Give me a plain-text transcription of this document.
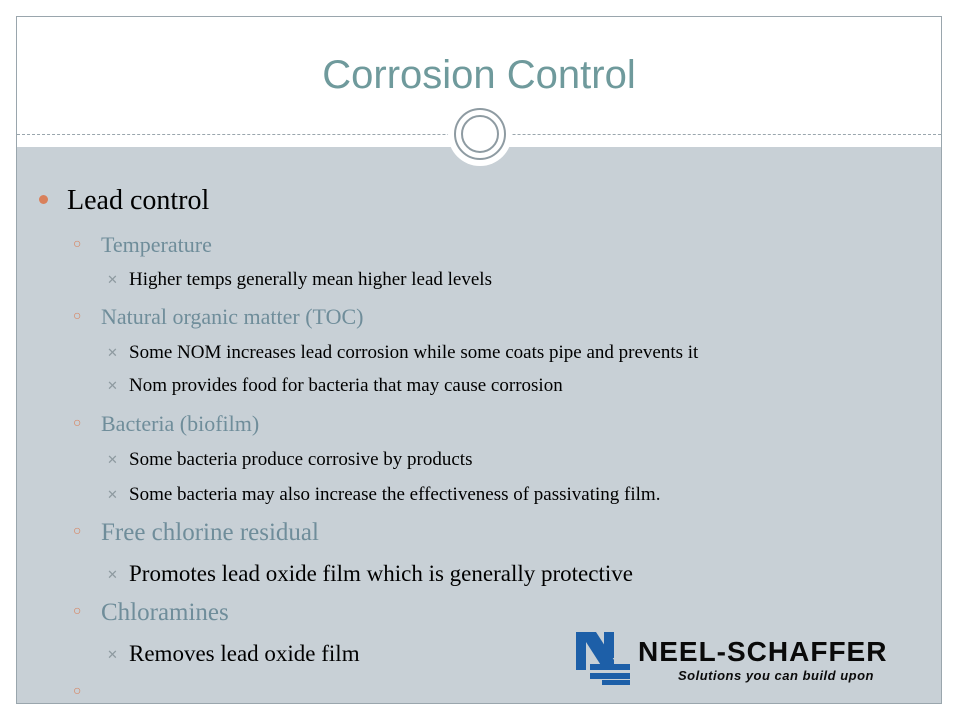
Corrosion Control
Lead control
○ Temperature
✕ Higher temps generally mean higher lead levels
○ Natural organic matter (TOC)
✕ Some NOM increases lead corrosion while some coats pipe and prevents it
✕ Nom provides food for bacteria that may cause corrosion
○ Bacteria (biofilm)
✕ Some bacteria produce corrosive by products
✕ Some bacteria may also increase the effectiveness of passivating film.
○ Free chlorine residual
✕ Promotes lead oxide film which is generally protective
○ Chloramines
✕ Removes lead oxide film
○
NEEL-SCHAFFER
Solutions you can build upon
